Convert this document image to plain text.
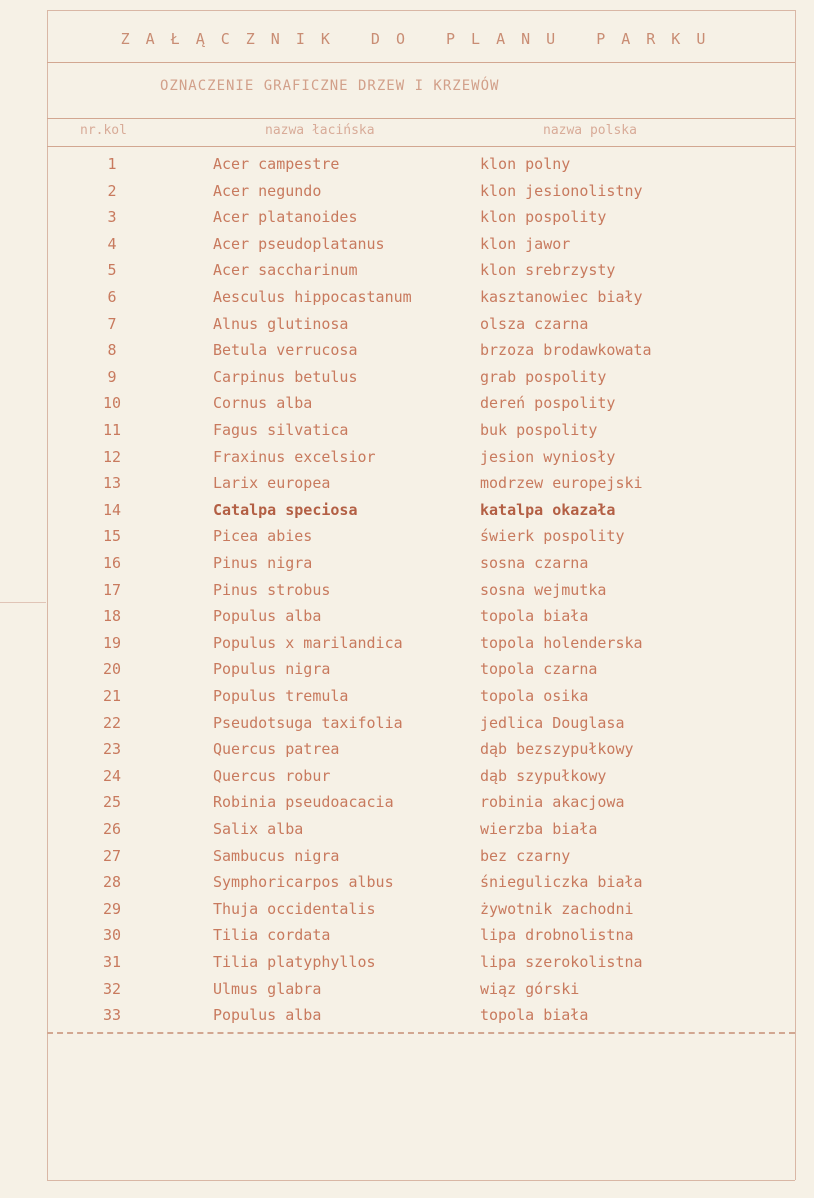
ZAŁĄCZNIK DO PLANU PARKU
OZNACZENIE GRAFICZNE DRZEW I KRZEWÓW
nr.kol	nazwa łacińska	nazwa polska
1	Acer campestre	klon polny
2	Acer negundo	klon jesionolistny
3	Acer platanoides	klon pospolity
4	Acer pseudoplatanus	klon jawor
5	Acer saccharinum	klon srebrzysty
6	Aesculus hippocastanum	kasztanowiec biały
7	Alnus glutinosa	olsza czarna
8	Betula verrucosa	brzoza brodawkowata
9	Carpinus betulus	grab pospolity
10	Cornus alba	dereń pospolity
11	Fagus silvatica	buk pospolity
12	Fraxinus excelsior	jesion wyniosły
13	Larix europea	modrzew europejski
14	Catalpa speciosa	katalpa okazała
15	Picea abies	świerk pospolity
16	Pinus nigra	sosna czarna
17	Pinus strobus	sosna wejmutka
18	Populus alba	topola biała
19	Populus x marilandica	topola holenderska
20	Populus nigra	topola czarna
21	Populus tremula	topola osika
22	Pseudotsuga taxifolia	jedlica Douglasa
23	Quercus patrea	dąb bezszypułkowy
24	Quercus robur	dąb szypułkowy
25	Robinia pseudoacacia	robinia akacjowa
26	Salix alba	wierzba biała
27	Sambucus nigra	bez czarny
28	Symphoricarpos albus	śnieguliczka biała
29	Thuja occidentalis	żywotnik zachodni
30	Tilia cordata	lipa drobnolistna
31	Tilia platyphyllos	lipa szerokolistna
32	Ulmus glabra	wiąz górski
33	Populus alba	topola biała
